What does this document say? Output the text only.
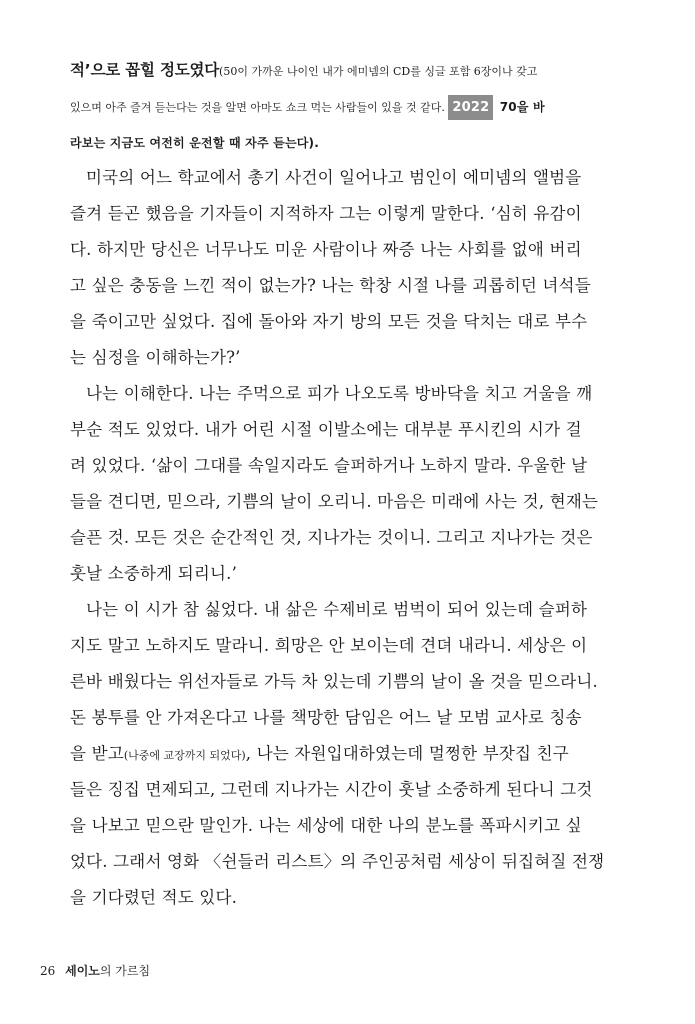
적’으로 꼽힐 정도였다(50이 가까운 나이인 내가 에미넴의 CD를 싱글 포함 6장이나 갖고
있으며 아주 즐겨 듣는다는 것을 알면 아마도 쇼크 먹는 사람들이 있을 것 같다. 2022 70을 바
라보는 지금도 여전히 운전할 때 자주 듣는다).
미국의 어느 학교에서 총기 사건이 일어나고 범인이 에미넴의 앨범을
즐겨 듣곤 했음을 기자들이 지적하자 그는 이렇게 말한다. ‘심히 유감이
다. 하지만 당신은 너무나도 미운 사람이나 짜증 나는 사회를 없애 버리
고 싶은 충동을 느낀 적이 없는가? 나는 학창 시절 나를 괴롭히던 녀석들
을 죽이고만 싶었다. 집에 돌아와 자기 방의 모든 것을 닥치는 대로 부수
는 심정을 이해하는가?’
나는 이해한다. 나는 주먹으로 피가 나오도록 방바닥을 치고 거울을 깨
부순 적도 있었다. 내가 어린 시절 이발소에는 대부분 푸시킨의 시가 걸
려 있었다. ‘삶이 그대를 속일지라도 슬퍼하거나 노하지 말라. 우울한 날
들을 견디면, 믿으라, 기쁨의 날이 오리니. 마음은 미래에 사는 것, 현재는
슬픈 것. 모든 것은 순간적인 것, 지나가는 것이니. 그리고 지나가는 것은
훗날 소중하게 되리니.’
나는 이 시가 참 싫었다. 내 삶은 수제비로 범벅이 되어 있는데 슬퍼하
지도 말고 노하지도 말라니. 희망은 안 보이는데 견뎌 내라니. 세상은 이
른바 배웠다는 위선자들로 가득 차 있는데 기쁨의 날이 올 것을 믿으라니.
돈 봉투를 안 가져온다고 나를 책망한 담임은 어느 날 모범 교사로 칭송
을 받고(나중에 교장까지 되었다), 나는 자원입대하였는데 멀쩡한 부잣집 친구
들은 징집 면제되고, 그런데 지나가는 시간이 훗날 소중하게 된다니 그것
을 나보고 믿으란 말인가. 나는 세상에 대한 나의 분노를 폭파시키고 싶
었다. 그래서 영화 〈쉰들러 리스트〉의 주인공처럼 세상이 뒤집혀질 전쟁
을 기다렸던 적도 있다.
26 세이노의 가르침
